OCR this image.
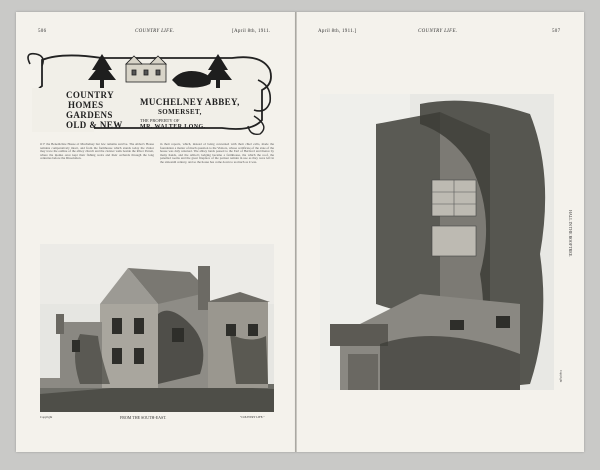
506	COUNTRY LIFE.	[April 8th, 1911.
COUNTRY
HOMES
GARDENS
OLD & NEW
MUCHELNEY ABBEY,
SOMERSET,
THE PROPERTY OF
MR. WALTER LONG.
O F the Benedictine House of Muchelney but few remains survive. The Abbot's House remains comparatively intact, and from the farmhouse which stands today the visitor may trace the outline of the abbey church and the cloister walk beside the River Parrett, where the monks once kept their fishing weirs and their orchards through the long centuries before the Dissolution.
in their reports, which, instead of being concerned with their chief evils, made the foundation a matter of much question to the Visitors, whose certificate of the state of the house was duly returned. The abbey lands passed to the Earl of Hertford and thence by many hands, and the Abbot's lodging became a farmhouse, the which the roof, the panelled rooms and the great fireplace of the parlour remain in use as they were left in the sixteenth century, and so the house has come down to us much as it was.
FROM THE SOUTH-EAST.
Copyright	"COUNTRY LIFE."
April 8th, 1911.]	COUNTRY LIFE.	507
HALL IN THE ROOFTREE.
Copyright
